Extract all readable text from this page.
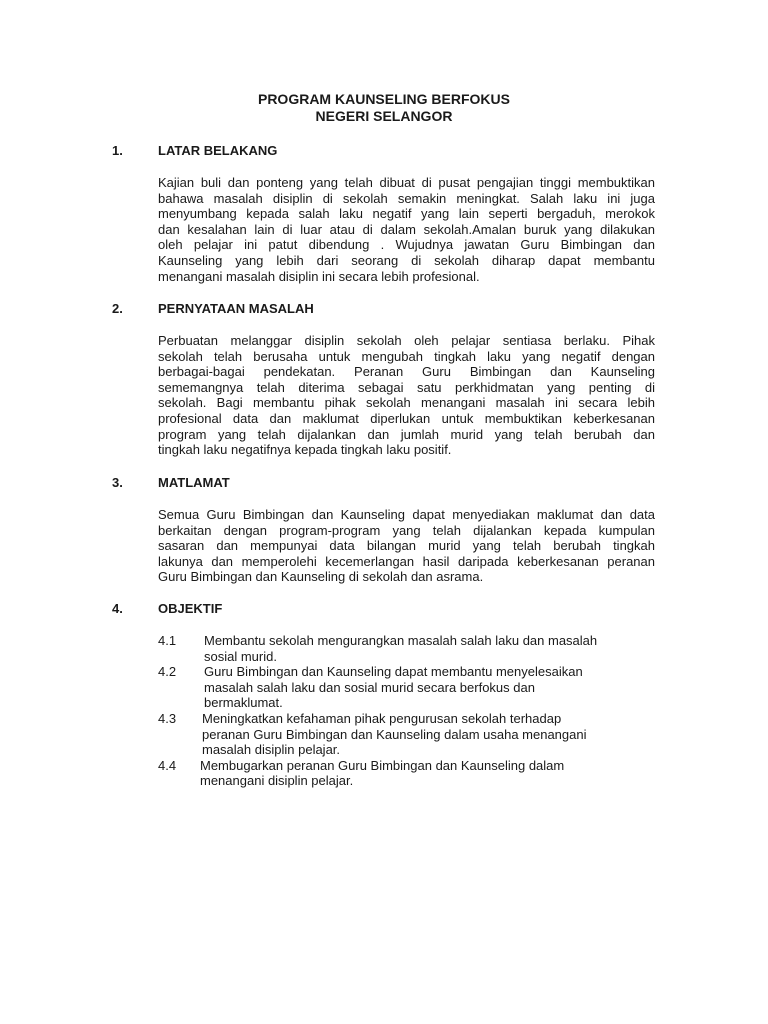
PROGRAM KAUNSELING BERFOKUS
NEGERI SELANGOR
1.	LATAR BELAKANG
Kajian buli dan ponteng yang telah dibuat di pusat pengajian tinggi membuktikan
bahawa masalah disiplin di sekolah semakin meningkat. Salah laku ini juga
menyumbang kepada salah laku negatif yang lain seperti bergaduh, merokok
dan kesalahan lain di luar atau di dalam sekolah.Amalan buruk yang dilakukan
oleh pelajar ini patut dibendung . Wujudnya jawatan Guru Bimbingan dan
Kaunseling yang lebih dari seorang di sekolah diharap dapat membantu
menangani masalah disiplin ini secara lebih profesional.
2.	PERNYATAAN MASALAH
Perbuatan melanggar disiplin sekolah oleh pelajar sentiasa berlaku. Pihak
sekolah telah berusaha untuk mengubah tingkah laku yang negatif dengan
berbagai-bagai pendekatan. Peranan Guru Bimbingan dan Kaunseling
sememangnya telah diterima sebagai satu perkhidmatan yang penting di
sekolah. Bagi membantu pihak sekolah menangani masalah ini secara lebih
profesional data dan maklumat diperlukan untuk membuktikan keberkesanan
program yang telah dijalankan dan jumlah murid yang telah berubah dan
tingkah laku negatifnya kepada tingkah laku positif.
3.	MATLAMAT
Semua Guru Bimbingan dan Kaunseling dapat menyediakan maklumat dan data
berkaitan dengan program-program yang telah dijalankan kepada kumpulan
sasaran dan mempunyai data bilangan murid yang telah berubah tingkah
lakunya dan memperolehi kecemerlangan hasil daripada keberkesanan peranan
Guru Bimbingan dan Kaunseling di sekolah dan asrama.
4.	OBJEKTIF
4.1	Membantu sekolah mengurangkan masalah salah laku dan masalah
sosial murid.
4.2	Guru Bimbingan dan Kaunseling dapat membantu menyelesaikan
masalah salah laku dan sosial murid secara berfokus dan
bermaklumat.
4.3	Meningkatkan kefahaman pihak pengurusan sekolah terhadap
peranan Guru Bimbingan dan Kaunseling dalam usaha menangani
masalah disiplin pelajar.
4.4	Membugarkan peranan Guru Bimbingan dan Kaunseling dalam
menangani disiplin pelajar.
